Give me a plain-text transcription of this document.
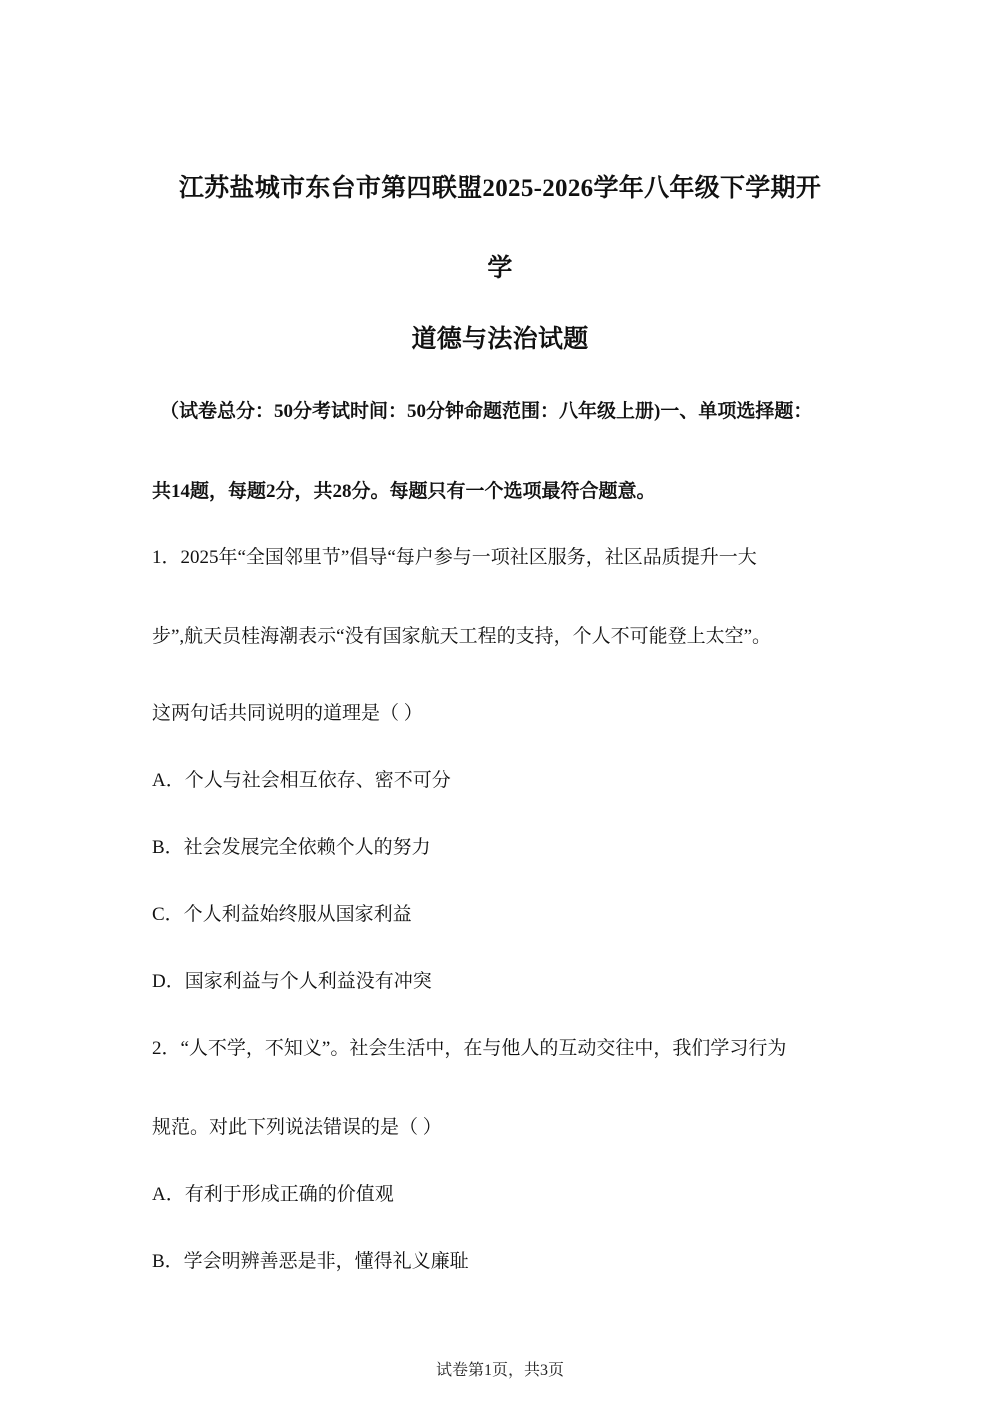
江苏盐城市东台市第四联盟2025-2026学年八年级下学期开
学
道德与法治试题
（试卷总分：50分考试时间：50分钟命题范围：八年级上册)一、单项选择题：
共14题，每题2分，共28分。每题只有一个选项最符合题意。
1．2025年“全国邻里节”倡导“每户参与一项社区服务，社区品质提升一大
步”,航天员桂海潮表示“没有国家航天工程的支持，个人不可能登上太空”。
这两句话共同说明的道理是（ ）
A．个人与社会相互依存、密不可分
B．社会发展完全依赖个人的努力
C．个人利益始终服从国家利益
D．国家利益与个人利益没有冲突
2．“人不学，不知义”。社会生活中，在与他人的互动交往中，我们学习行为
规范。对此下列说法错误的是（ ）
A．有利于形成正确的价值观
B．学会明辨善恶是非，懂得礼义廉耻
试卷第1页，共3页
